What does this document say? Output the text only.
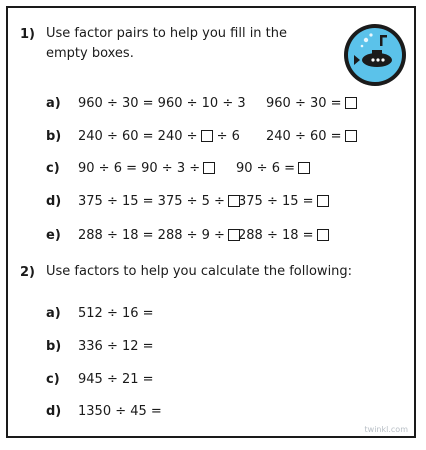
1) Use factor pairs to help you fill in the
empty boxes.
a) 960 ÷ 30 = 960 ÷ 10 ÷ 3 960 ÷ 30 =
b) 240 ÷ 60 = 240 ÷ ÷ 6 240 ÷ 60 =
c) 90 ÷ 6 = 90 ÷ 3 ÷	90 ÷ 6 =
d) 375 ÷ 15 = 375 ÷ 5 ÷	375 ÷ 15 =
e) 288 ÷ 18 = 288 ÷ 9 ÷	288 ÷ 18 =
2) Use factors to help you calculate the following:
a) 512 ÷ 16 =
b) 336 ÷ 12 =
c) 945 ÷ 21 =
d) 1350 ÷ 45 =
twinkl.com
